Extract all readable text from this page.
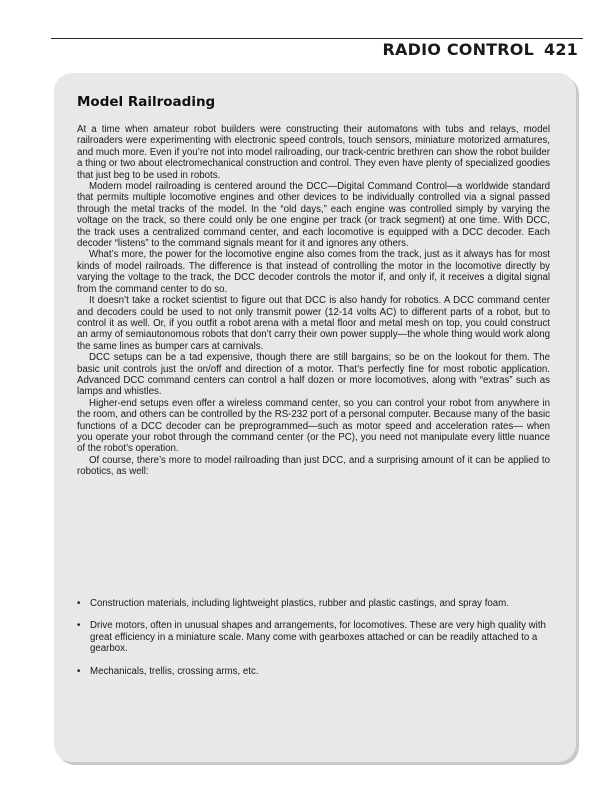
RADIO CONTROL 421
Model Railroading

At a time when amateur robot builders were constructing their automatons with tubs and relays, model railroaders were experimenting with electronic speed controls, touch sensors, miniature motorized armatures, and much more. Even if you’re not into model railroading, our track-centric brethren can show the robot builder a thing or two about electromechanical construction and control. They even have plenty of specialized goodies that just beg to be used in robots.

Modern model railroading is centered around the DCC—Digital Command Control—a worldwide standard that permits multiple locomotive engines and other devices to be individually controlled via a signal passed through the metal tracks of the model. In the “old days,” each engine was controlled simply by varying the voltage on the track, so there could only be one engine per track (or track segment) at one time. With DCC, the track uses a centralized command center, and each locomotive is equipped with a DCC decoder. Each decoder “listens” to the command signals meant for it and ignores any others.

What’s more, the power for the locomotive engine also comes from the track, just as it always has for most kinds of model railroads. The difference is that instead of controlling the motor in the locomotive directly by varying the voltage to the track, the DCC decoder controls the motor if, and only if, it receives a digital signal from the command center to do so.

It doesn’t take a rocket scientist to figure out that DCC is also handy for robotics. A DCC command center and decoders could be used to not only transmit power (12-14 volts AC) to different parts of a robot, but to control it as well. Or, if you outfit a robot arena with a metal floor and metal mesh on top, you could construct an army of semiautonomous robots that don’t carry their own power supply—the whole thing would work along the same lines as bumper cars at carnivals.

DCC setups can be a tad expensive, though there are still bargains; so be on the lookout for them. The basic unit controls just the on/off and direction of a motor. That’s perfectly fine for most robotic application. Advanced DCC command centers can control a half dozen or more locomotives, along with “extras” such as lamps and whistles.

Higher-end setups even offer a wireless command center, so you can control your robot from anywhere in the room, and others can be controlled by the RS-232 port of a personal computer. Because many of the basic functions of a DCC decoder can be preprogrammed—such as motor speed and acceleration rates— when you operate your robot through the command center (or the PC), you need not manipulate every little nuance of the robot’s operation.

Of course, there’s more to model railroading than just DCC, and a surprising amount of it can be applied to robotics, as well:

• Construction materials, including lightweight plastics, rubber and plastic castings, and spray foam.
• Drive motors, often in unusual shapes and arrangements, for locomotives. These are very high quality with great efficiency in a miniature scale. Many come with gearboxes attached or can be readily attached to a gearbox.
• Mechanicals, trellis, crossing arms, etc.
